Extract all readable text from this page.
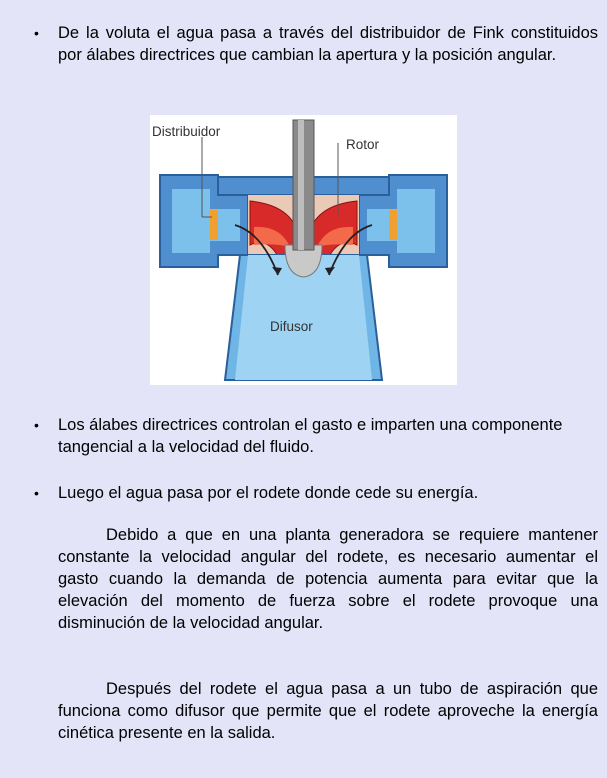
• De la voluta el agua pasa a través del distribuidor de Fink constituidos por álabes directrices que cambian la apertura y la posición angular.
Distribuidor
Rotor
Difusor
• Los álabes directrices controlan el gasto e imparten una componente tangencial a la velocidad del fluido.
• Luego el agua pasa por el rodete donde cede su energía.
Debido a que en una planta generadora se requiere mantener constante la velocidad angular del rodete, es necesario aumentar el gasto cuando la demanda de potencia aumenta para evitar que la elevación del momento de fuerza sobre el rodete provoque una disminución de la velocidad angular.
Después del rodete el agua pasa a un tubo de aspiración que funciona como difusor que permite que el rodete aproveche la energía cinética presente en la salida.
